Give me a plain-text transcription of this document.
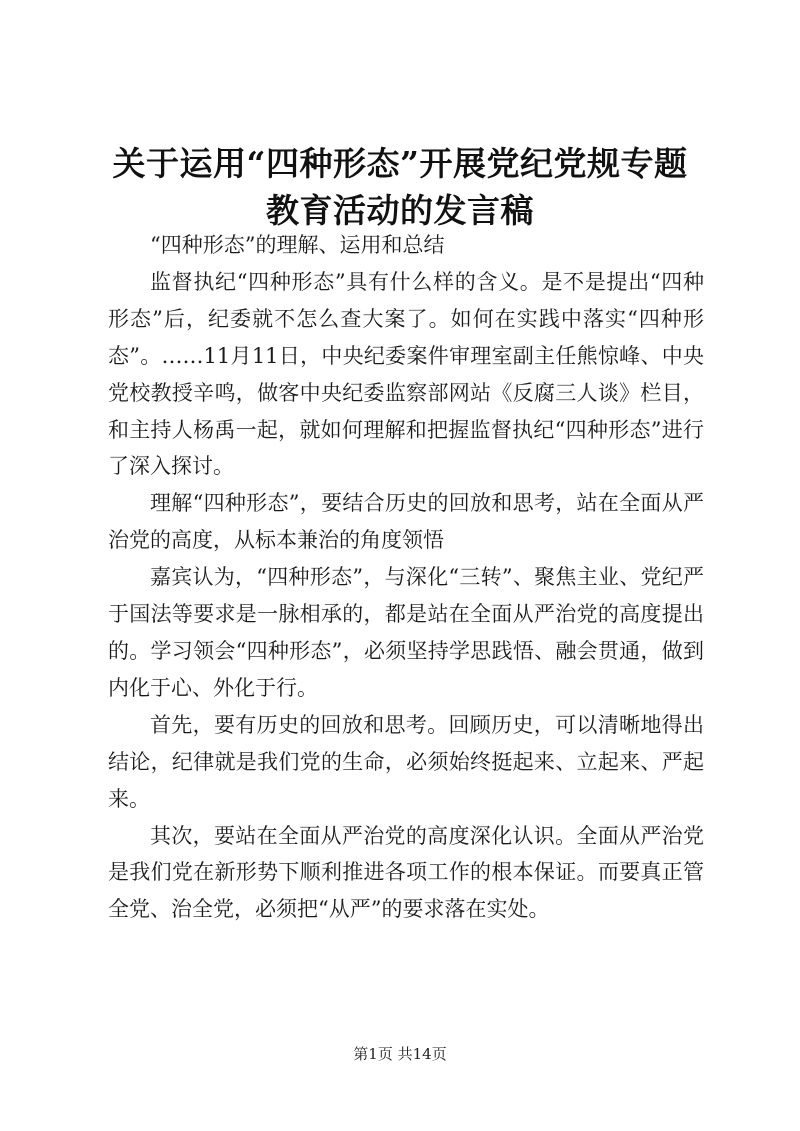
关于运用“四种形态”开展党纪党规专题教育活动的发言稿

“四种形态”的理解、运用和总结

监督执纪“四种形态”具有什么样的含义。是不是提出“四种形态”后，纪委就不怎么查大案了。如何在实践中落实“四种形态”。……11月11日，中央纪委案件审理室副主任熊惊峰、中央党校教授辛鸣，做客中央纪委监察部网站《反腐三人谈》栏目，和主持人杨禹一起，就如何理解和把握监督执纪“四种形态”进行了深入探讨。

理解“四种形态”，要结合历史的回放和思考，站在全面从严治党的高度，从标本兼治的角度领悟

嘉宾认为，“四种形态”，与深化“三转”、聚焦主业、党纪严于国法等要求是一脉相承的，都是站在全面从严治党的高度提出的。学习领会“四种形态”，必须坚持学思践悟、融会贯通，做到内化于心、外化于行。

首先，要有历史的回放和思考。回顾历史，可以清晰地得出结论，纪律就是我们党的生命，必须始终挺起来、立起来、严起来。

其次，要站在全面从严治党的高度深化认识。全面从严治党是我们党在新形势下顺利推进各项工作的根本保证。而要真正管全党、治全党，必须把“从严”的要求落在实处。

第1页 共14页
